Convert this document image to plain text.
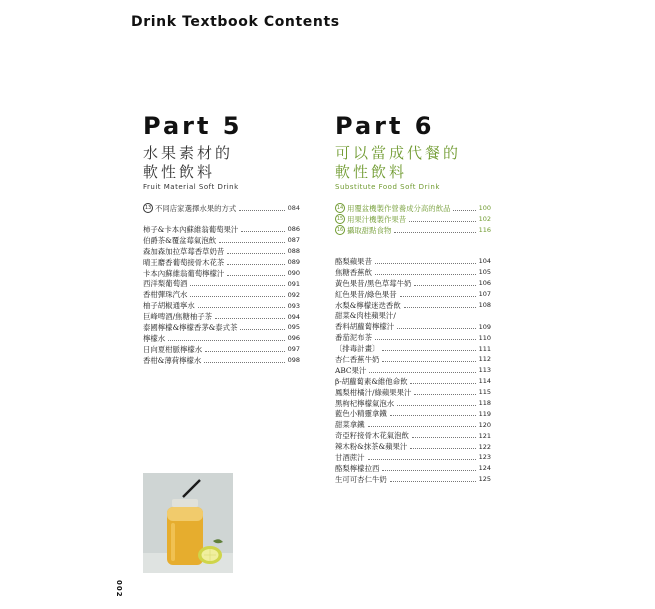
Drink Textbook Contents
Part 5
水果素材的
軟性飲料
Fruit Material Soft Drink
13 不同店家選擇水果的方式	084
柿子&卡本內蘇維翁葡萄果汁	086
伯爵茶&覆盆莓氣泡飲	087
森加森加拉草莓香草奶昔	088
晴王麝香葡萄接骨木花茶	089
卡本內蘇維翁葡萄檸檬汁	090
西洋梨葡萄酒	091
香柑彈珠汽水	092
柚子胡椒通寧水	093
巨峰啤酒/焦糖柚子茶	094
泰國檸檬&檸檬香茅&泰式茶	095
檸檬水	096
日向夏柑脈檸檬水	097
香柑&薄荷檸檬水	098
Part 6
可以當成代餐的
軟性飲料
Substitute Food Soft Drink
14 用覆盆機製作營養成分高的飲品	100
15 用果汁機製作果昔	102
16 攝取甜點食物	116
酪梨蘋果昔	104
焦糖香蕉飲	105
黃色果昔/黑色草莓牛奶	106
紅色果昔/綠色果昔	107
水梨&檸檬迷迭香飲	108
甜菜&肉桂蘋果汁/
香料胡蘿蔔檸檬汁	109
番茄泥布茶	110
〔排毒計畫〕	111
杏仁香蕉牛奶	112
ABC果汁	113
β-胡蘿蔔素&維他命飲	114
鳳梨柑橘汁/綠蘋果果汁	115
黑枸杞檸檬氣泡水	118
藍色小精靈拿鐵	119
甜菜拿鐵	120
奇亞籽接骨木花氣泡飲	121
辣木粉&抹茶&蘋果汁	122
甘酒蔗汁	123
酪梨檸檬拉西	124
生可可杏仁牛奶	125
002
